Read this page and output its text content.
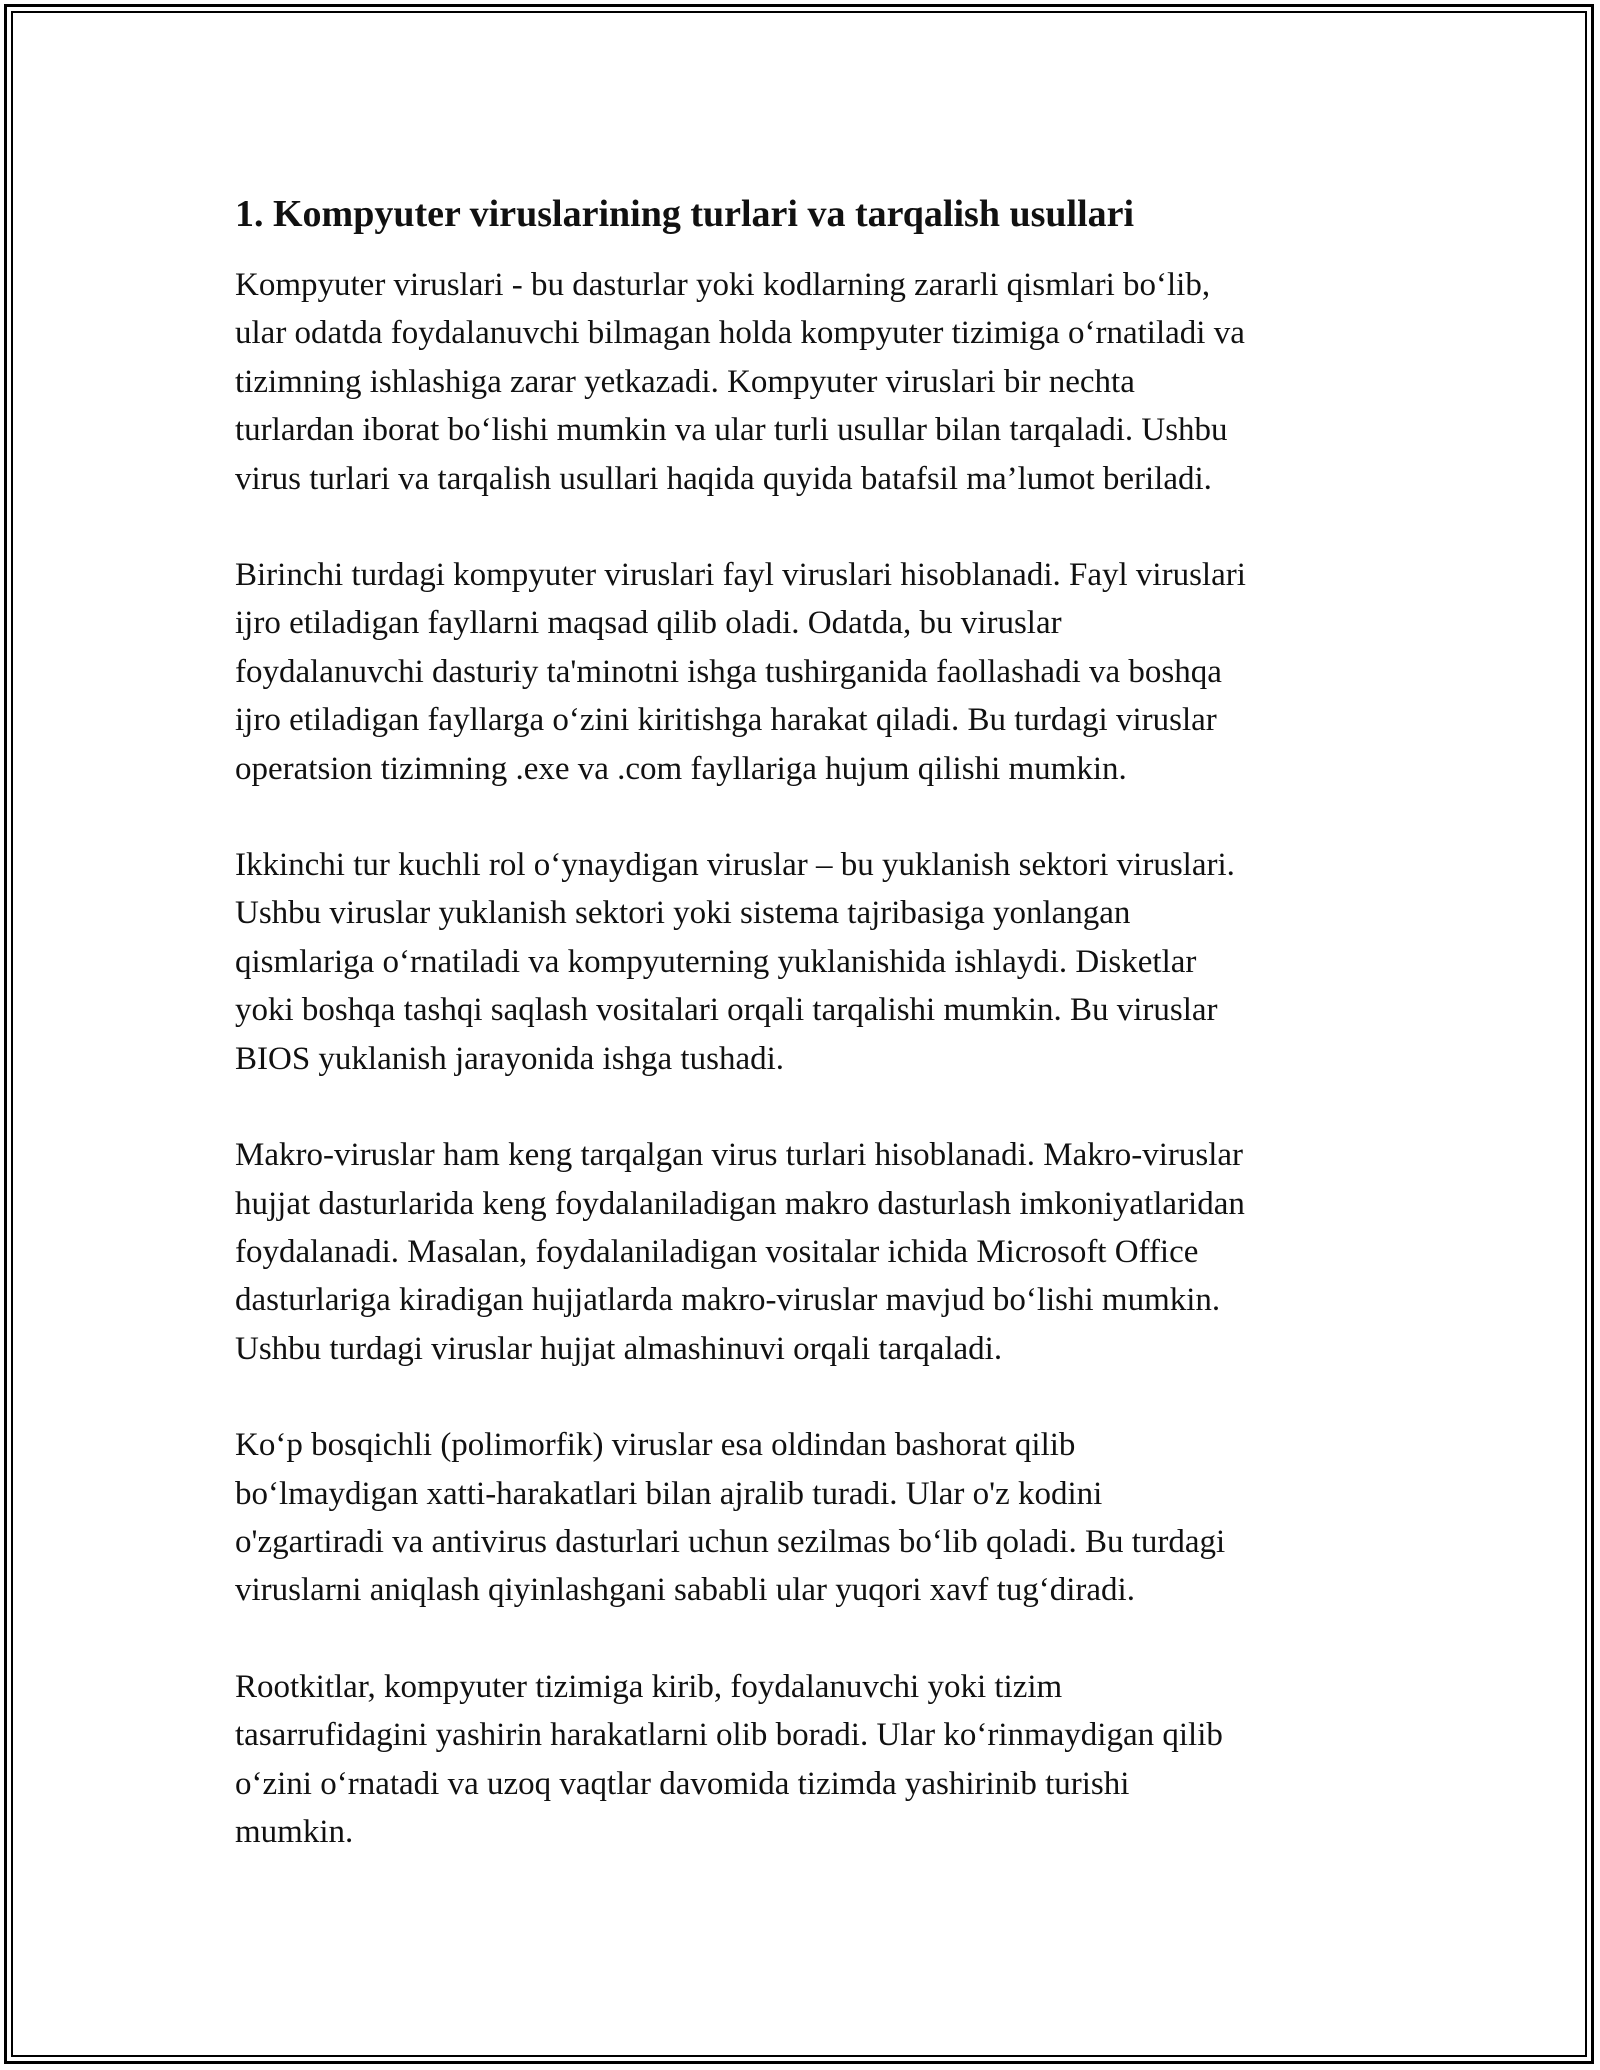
1. Kompyuter viruslarining turlari va tarqalish usullari

Kompyuter viruslari - bu dasturlar yoki kodlarning zararli qismlari bo‘lib,
ular odatda foydalanuvchi bilmagan holda kompyuter tizimiga o‘rnatiladi va
tizimning ishlashiga zarar yetkazadi. Kompyuter viruslari bir nechta
turlardan iborat bo‘lishi mumkin va ular turli usullar bilan tarqaladi. Ushbu
virus turlari va tarqalish usullari haqida quyida batafsil ma’lumot beriladi.

Birinchi turdagi kompyuter viruslari fayl viruslari hisoblanadi. Fayl viruslari
ijro etiladigan fayllarni maqsad qilib oladi. Odatda, bu viruslar
foydalanuvchi dasturiy ta'minotni ishga tushirganida faollashadi va boshqa
ijro etiladigan fayllarga o‘zini kiritishga harakat qiladi. Bu turdagi viruslar
operatsion tizimning .exe va .com fayllariga hujum qilishi mumkin.

Ikkinchi tur kuchli rol o‘ynaydigan viruslar – bu yuklanish sektori viruslari.
Ushbu viruslar yuklanish sektori yoki sistema tajribasiga yonlangan
qismlariga o‘rnatiladi va kompyuterning yuklanishida ishlaydi. Disketlar
yoki boshqa tashqi saqlash vositalari orqali tarqalishi mumkin. Bu viruslar
BIOS yuklanish jarayonida ishga tushadi.

Makro-viruslar ham keng tarqalgan virus turlari hisoblanadi. Makro-viruslar
hujjat dasturlarida keng foydalaniladigan makro dasturlash imkoniyatlaridan
foydalanadi. Masalan, foydalaniladigan vositalar ichida Microsoft Office
dasturlariga kiradigan hujjatlarda makro-viruslar mavjud bo‘lishi mumkin.
Ushbu turdagi viruslar hujjat almashinuvi orqali tarqaladi.

Ko‘p bosqichli (polimorfik) viruslar esa oldindan bashorat qilib
bo‘lmaydigan xatti-harakatlari bilan ajralib turadi. Ular o'z kodini
o'zgartiradi va antivirus dasturlari uchun sezilmas bo‘lib qoladi. Bu turdagi
viruslarni aniqlash qiyinlashgani sababli ular yuqori xavf tug‘diradi.

Rootkitlar, kompyuter tizimiga kirib, foydalanuvchi yoki tizim
tasarrufidagini yashirin harakatlarni olib boradi. Ular ko‘rinmaydigan qilib
o‘zini o‘rnatadi va uzoq vaqtlar davomida tizimda yashirinib turishi
mumkin.
